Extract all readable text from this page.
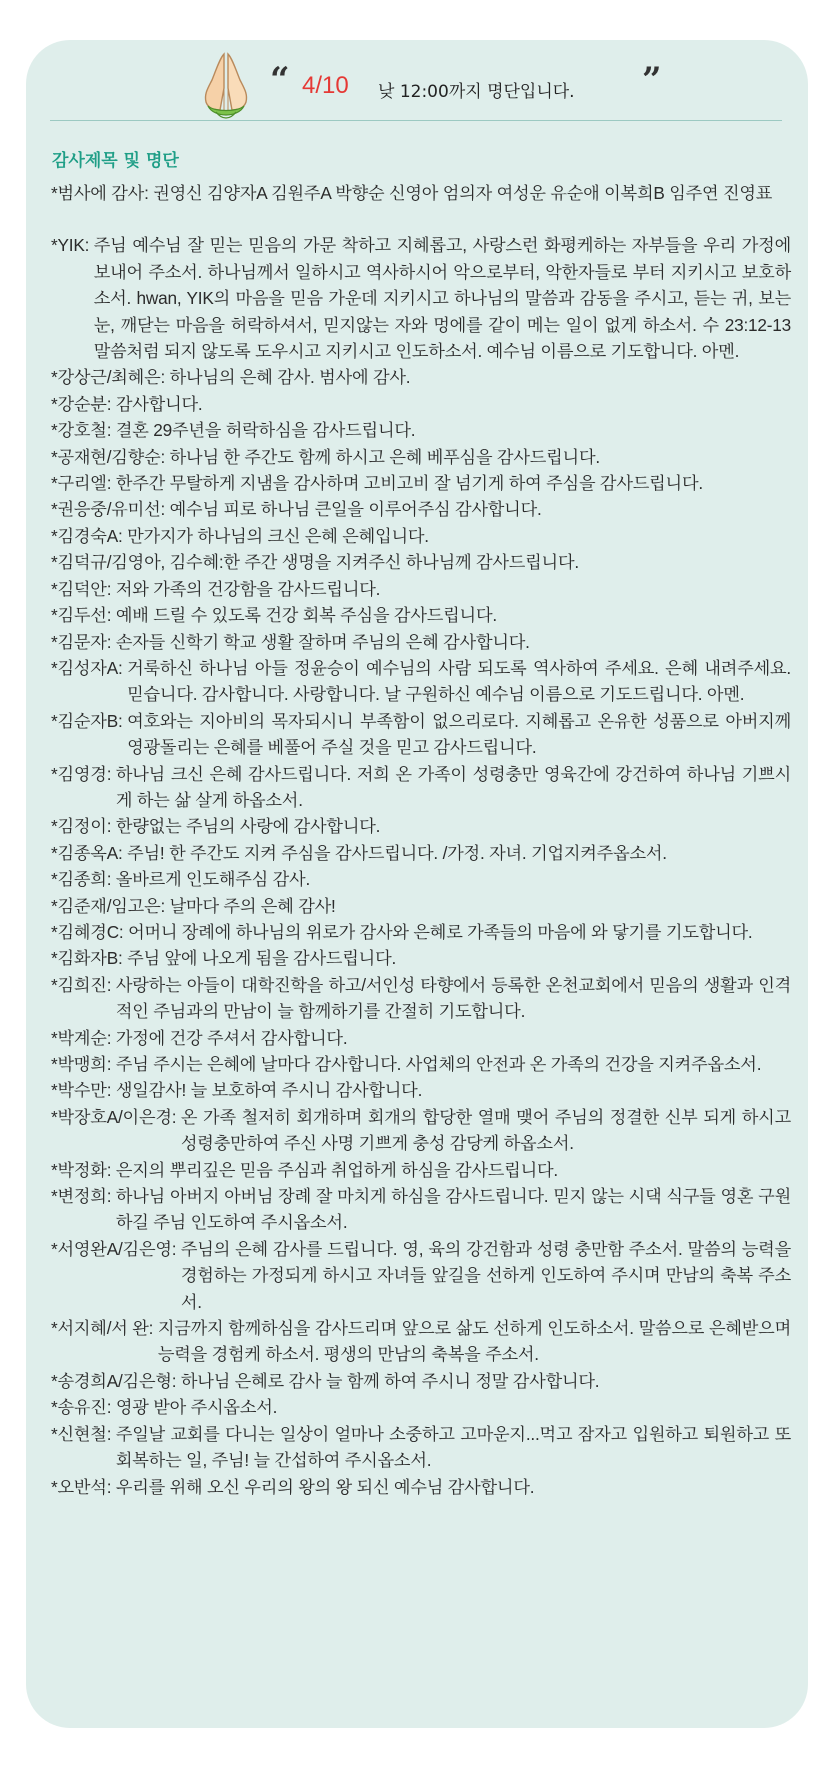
“ 4/10 낮 12:00까지 명단입니다. ”
감사제목 및 명단
*범사에 감사: 권영신 김양자A 김원주A 박향순 신영아 엄의자 여성운 유순애 이복희B 임주연 진영표
*YIK: 주님 예수님 잘 믿는 믿음의 가문 착하고 지혜롭고, 사랑스런 화평케하는 자부들을 우리 가정에 보내어 주소서. 하나님께서 일하시고 역사하시어 악으로부터, 악한자들로 부터 지키시고 보호하소서. hwan, YIK의 마음을 믿음 가운데 지키시고 하나님의 말씀과 감동을 주시고, 듣는 귀, 보는 눈, 깨닫는 마음을 허락하셔서, 믿지않는 자와 멍에를 같이 메는 일이 없게 하소서. 수 23:12-13 말씀처럼 되지 않도록 도우시고 지키시고 인도하소서. 예수님 이름으로 기도합니다. 아멘.
*강상근/최혜은: 하나님의 은혜 감사. 범사에 감사.
*강순분: 감사합니다.
*강호철: 결혼 29주년을 허락하심을 감사드립니다.
*공재현/김향순: 하나님 한 주간도 함께 하시고 은혜 베푸심을 감사드립니다.
*구리엘: 한주간 무탈하게 지냄을 감사하며 고비고비 잘 넘기게 하여 주심을 감사드립니다.
*권응중/유미선: 예수님 피로 하나님 큰일을 이루어주심 감사합니다.
*김경숙A: 만가지가 하나님의 크신 은혜 은혜입니다.
*김덕규/김영아, 김수혜:한 주간 생명을 지켜주신 하나님께 감사드립니다.
*김덕안: 저와 가족의 건강함을 감사드립니다.
*김두선: 예배 드릴 수 있도록 건강 회복 주심을 감사드립니다.
*김문자: 손자들 신학기 학교 생활 잘하며 주님의 은혜 감사합니다.
*김성자A: 거룩하신 하나님 아들 정윤승이 예수님의 사람 되도록 역사하여 주세요. 은혜 내려주세요. 믿습니다. 감사합니다. 사랑합니다. 날 구원하신 예수님 이름으로 기도드립니다. 아멘.
*김순자B: 여호와는 지아비의 목자되시니 부족함이 없으리로다. 지혜롭고 온유한 성품으로 아버지께 영광돌리는 은혜를 베풀어 주실 것을 믿고 감사드립니다.
*김영경: 하나님 크신 은혜 감사드립니다. 저희 온 가족이 성령충만 영육간에 강건하여 하나님 기쁘시게 하는 삶 살게 하옵소서.
*김정이: 한량없는 주님의 사랑에 감사합니다.
*김종옥A: 주님! 한 주간도 지켜 주심을 감사드립니다. /가정. 자녀. 기업지켜주옵소서.
*김종희: 올바르게 인도해주심 감사.
*김준재/임고은: 날마다 주의 은혜 감사!
*김혜경C: 어머니 장례에 하나님의 위로가 감사와 은혜로 가족들의 마음에 와 닿기를 기도합니다.
*김화자B: 주님 앞에 나오게 됨을 감사드립니다.
*김희진: 사랑하는 아들이 대학진학을 하고/서인성 타향에서 등록한 온천교회에서 믿음의 생활과 인격적인 주님과의 만남이 늘 함께하기를 간절히 기도합니다.
*박계순: 가정에 건강 주셔서 감사합니다.
*박맹희: 주님 주시는 은혜에 날마다 감사합니다. 사업체의 안전과 온 가족의 건강을 지켜주옵소서.
*박수만: 생일감사! 늘 보호하여 주시니 감사합니다.
*박장호A/이은경: 온 가족 철저히 회개하며 회개의 합당한 열매 맺어 주님의 정결한 신부 되게 하시고 성령충만하여 주신 사명 기쁘게 충성 감당케 하옵소서.
*박정화: 은지의 뿌리깊은 믿음 주심과 취업하게 하심을 감사드립니다.
*변정희: 하나님 아버지 아버님 장례 잘 마치게 하심을 감사드립니다. 믿지 않는 시댁 식구들 영혼 구원하길 주님 인도하여 주시옵소서.
*서영완A/김은영: 주님의 은혜 감사를 드립니다. 영, 육의 강건함과 성령 충만함 주소서. 말씀의 능력을 경험하는 가정되게 하시고 자녀들 앞길을 선하게 인도하여 주시며 만남의 축복 주소서.
*서지혜/서 완: 지금까지 함께하심을 감사드리며 앞으로 삶도 선하게 인도하소서. 말씀으로 은혜받으며 능력을 경험케 하소서. 평생의 만남의 축복을 주소서.
*송경희A/김은형: 하나님 은혜로 감사 늘 함께 하여 주시니 정말 감사합니다.
*송유진: 영광 받아 주시옵소서.
*신현철: 주일날 교회를 다니는 일상이 얼마나 소중하고 고마운지...먹고 잠자고 입원하고 퇴원하고 또 회복하는 일, 주님! 늘 간섭하여 주시옵소서.
*오반석: 우리를 위해 오신 우리의 왕의 왕 되신 예수님 감사합니다.
